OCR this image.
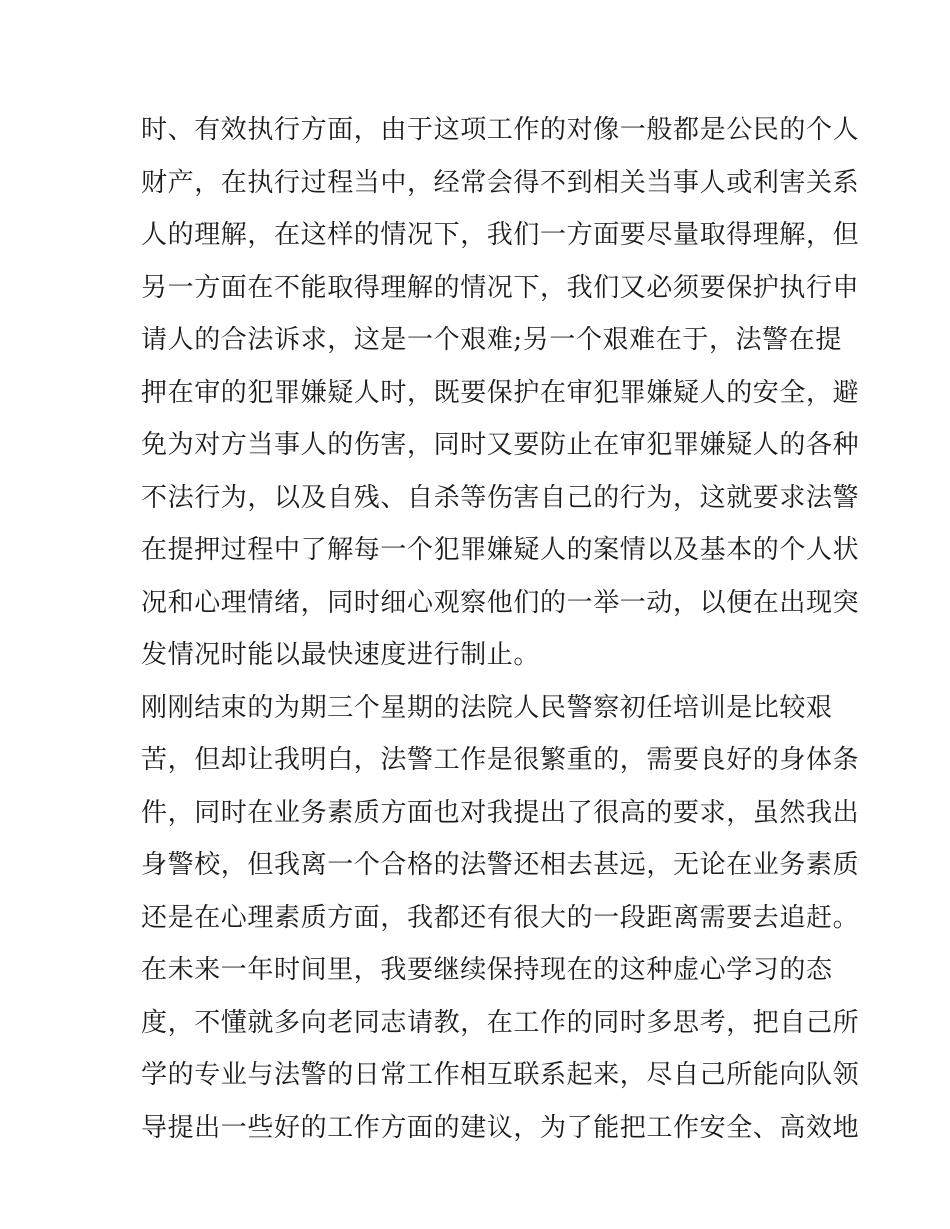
时、有效执行方面，由于这项工作的对像一般都是公民的个人
财产，在执行过程当中，经常会得不到相关当事人或利害关系
人的理解，在这样的情况下，我们一方面要尽量取得理解，但
另一方面在不能取得理解的情况下，我们又必须要保护执行申
请人的合法诉求，这是一个艰难;另一个艰难在于，法警在提
押在审的犯罪嫌疑人时，既要保护在审犯罪嫌疑人的安全，避
免为对方当事人的伤害，同时又要防止在审犯罪嫌疑人的各种
不法行为，以及自残、自杀等伤害自己的行为，这就要求法警
在提押过程中了解每一个犯罪嫌疑人的案情以及基本的个人状
况和心理情绪，同时细心观察他们的一举一动，以便在出现突
发情况时能以最快速度进行制止。
刚刚结束的为期三个星期的法院人民警察初任培训是比较艰
苦，但却让我明白，法警工作是很繁重的，需要良好的身体条
件，同时在业务素质方面也对我提出了很高的要求，虽然我出
身警校，但我离一个合格的法警还相去甚远，无论在业务素质
还是在心理素质方面，我都还有很大的一段距离需要去追赶。
在未来一年时间里，我要继续保持现在的这种虚心学习的态
度，不懂就多向老同志请教，在工作的同时多思考，把自己所
学的专业与法警的日常工作相互联系起来，尽自己所能向队领
导提出一些好的工作方面的建议，为了能把工作安全、高效地
